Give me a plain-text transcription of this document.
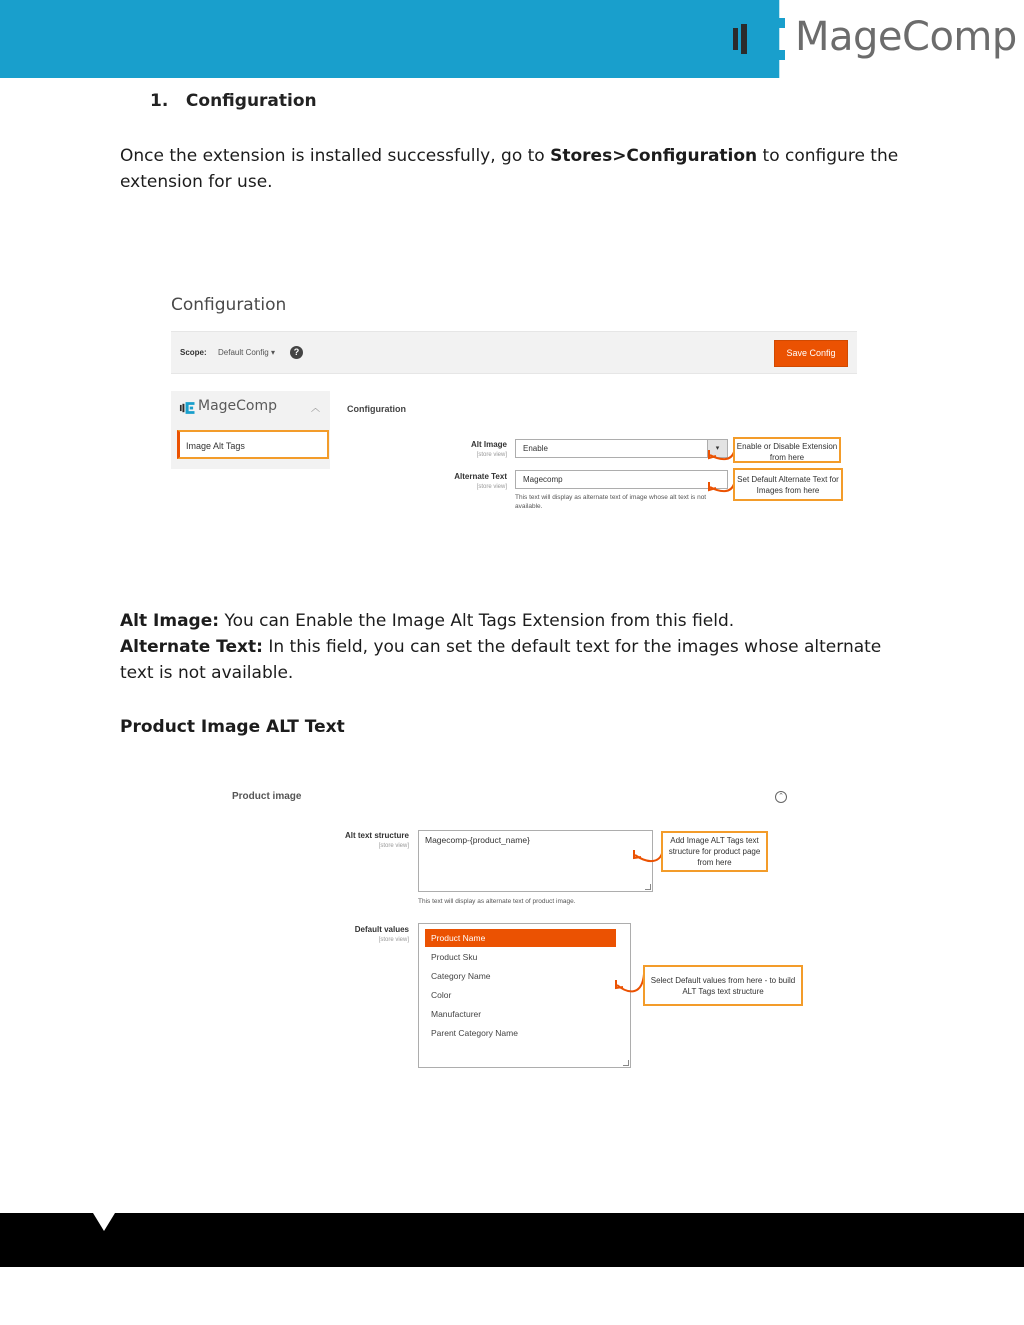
MageComp
1. Configuration
Once the extension is installed successfully, go to Stores>Configuration to configure the extension for use.
Configuration
Scope: Default Config ▾	?	Save Config
MageComp	︿
Image Alt Tags
Configuration
Alt Image
[store view]
Enable	▾	Enable or Disable Extension from here
Alternate Text
[store view]
Magecomp
This text will display as alternate text of image whose alt text is not available.
Set Default Alternate Text for Images from here
Alt Image: You can Enable the Image Alt Tags Extension from this field.
Alternate Text: In this field, you can set the default text for the images whose alternate text is not available.
Product Image ALT Text
Product image	⌃
Alt text structure
[store view]
Magecomp-{product_name}
This text will display as alternate text of product image.
Add Image ALT Tags text structure for product page from here
Default values
[store view]	Product Name
Product Sku
Category Name
Color
Manufacturer
Parent Category Name
Select Default values from here - to build ALT Tags text structure
